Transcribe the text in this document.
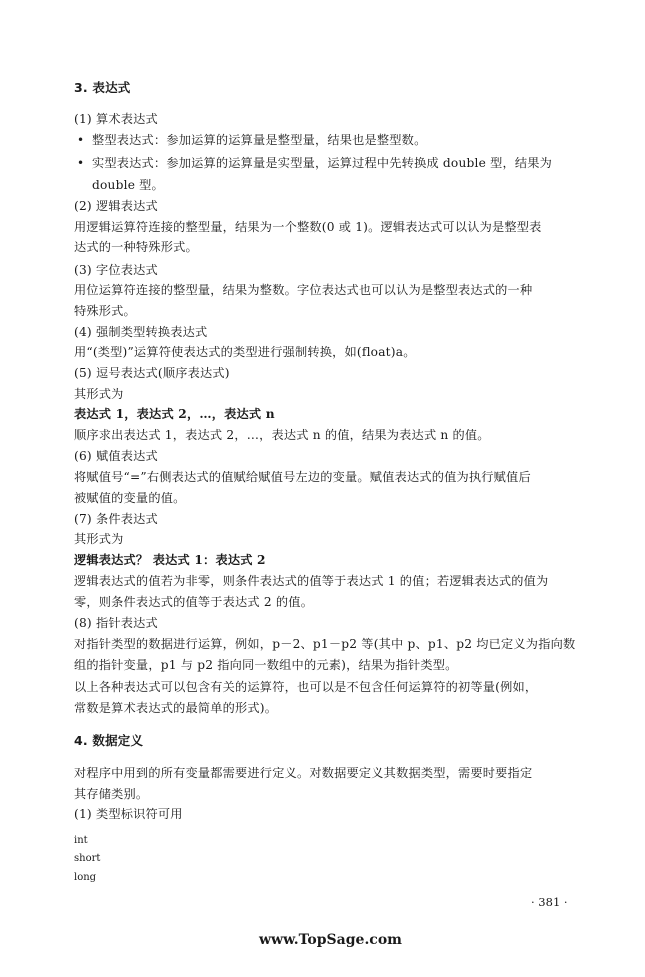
3. 表达式
(1) 算术表达式
• 整型表达式：参加运算的运算量是整型量，结果也是整型数。
• 实型表达式：参加运算的运算量是实型量，运算过程中先转换成 double 型，结果为
double 型。
(2) 逻辑表达式
用逻辑运算符连接的整型量，结果为一个整数(0 或 1)。逻辑表达式可以认为是整型表
达式的一种特殊形式。
(3) 字位表达式
用位运算符连接的整型量，结果为整数。字位表达式也可以认为是整型表达式的一种
特殊形式。
(4) 强制类型转换表达式
用“(类型)”运算符使表达式的类型进行强制转换，如(float)a。
(5) 逗号表达式(顺序表达式)
其形式为
表达式 1，表达式 2，…，表达式 n
顺序求出表达式 1，表达式 2，…，表达式 n 的值，结果为表达式 n 的值。
(6) 赋值表达式
将赋值号“=”右侧表达式的值赋给赋值号左边的变量。赋值表达式的值为执行赋值后
被赋值的变量的值。
(7) 条件表达式
其形式为
逻辑表达式？ 表达式 1：表达式 2
逻辑表达式的值若为非零，则条件表达式的值等于表达式 1 的值；若逻辑表达式的值为
零，则条件表达式的值等于表达式 2 的值。
(8) 指针表达式
对指针类型的数据进行运算，例如，p－2、p1－p2 等(其中 p、p1、p2 均已定义为指向数
组的指针变量，p1 与 p2 指向同一数组中的元素)，结果为指针类型。
以上各种表达式可以包含有关的运算符，也可以是不包含任何运算符的初等量(例如，
常数是算术表达式的最简单的形式)。
4. 数据定义
对程序中用到的所有变量都需要进行定义。对数据要定义其数据类型，需要时要指定
其存储类别。
(1) 类型标识符可用
int
short
long
· 381 ·
www.TopSage.com
